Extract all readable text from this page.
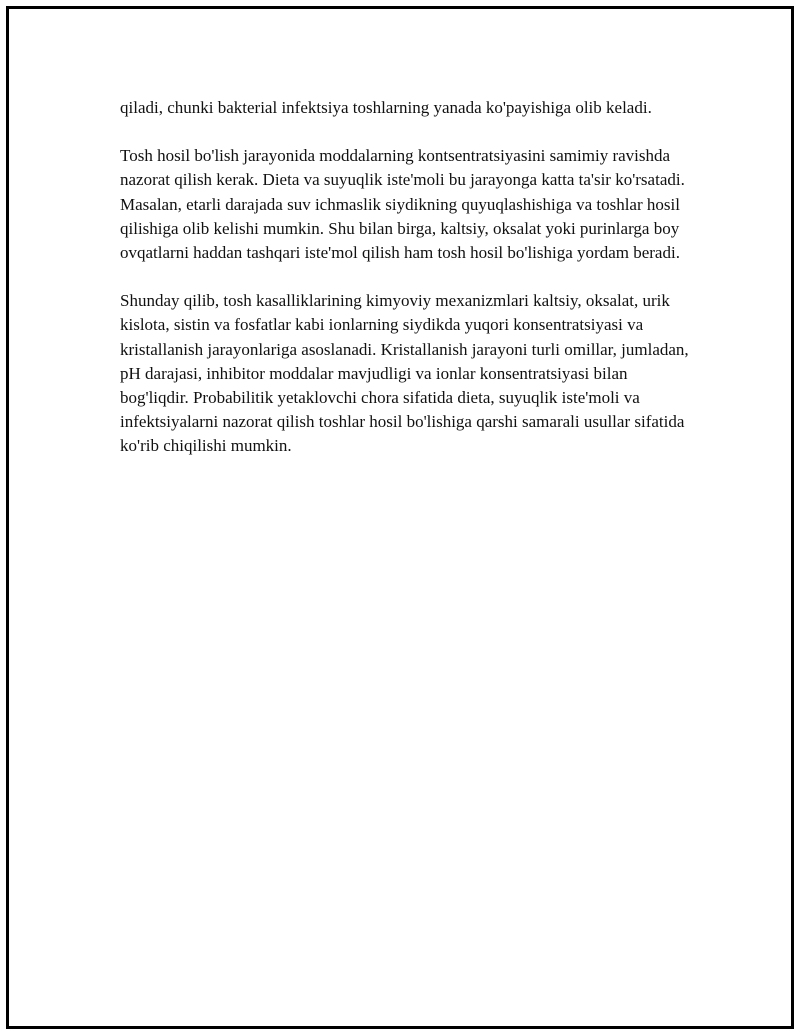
qiladi, chunki bakterial infektsiya toshlarning yanada ko'payishiga olib keladi.

Tosh hosil bo'lish jarayonida moddalarning kontsentratsiyasini samimiy ravishda nazorat qilish kerak. Dieta va suyuqlik iste'moli bu jarayonga katta ta'sir ko'rsatadi. Masalan, etarli darajada suv ichmaslik siydikning quyuqlashishiga va toshlar hosil qilishiga olib kelishi mumkin. Shu bilan birga, kaltsiy, oksalat yoki purinlarga boy ovqatlarni haddan tashqari iste'mol qilish ham tosh hosil bo'lishiga yordam beradi.

Shunday qilib, tosh kasalliklarining kimyoviy mexanizmlari kaltsiy, oksalat, urik kislota, sistin va fosfatlar kabi ionlarning siydikda yuqori konsentratsiyasi va kristallanish jarayonlariga asoslanadi. Kristallanish jarayoni turli omillar, jumladan, pH darajasi, inhibitor moddalar mavjudligi va ionlar konsentratsiyasi bilan bog'liqdir. Probabilitik yetaklovchi chora sifatida dieta, suyuqlik iste'moli va infektsiyalarni nazorat qilish toshlar hosil bo'lishiga qarshi samarali usullar sifatida ko'rib chiqilishi mumkin.
